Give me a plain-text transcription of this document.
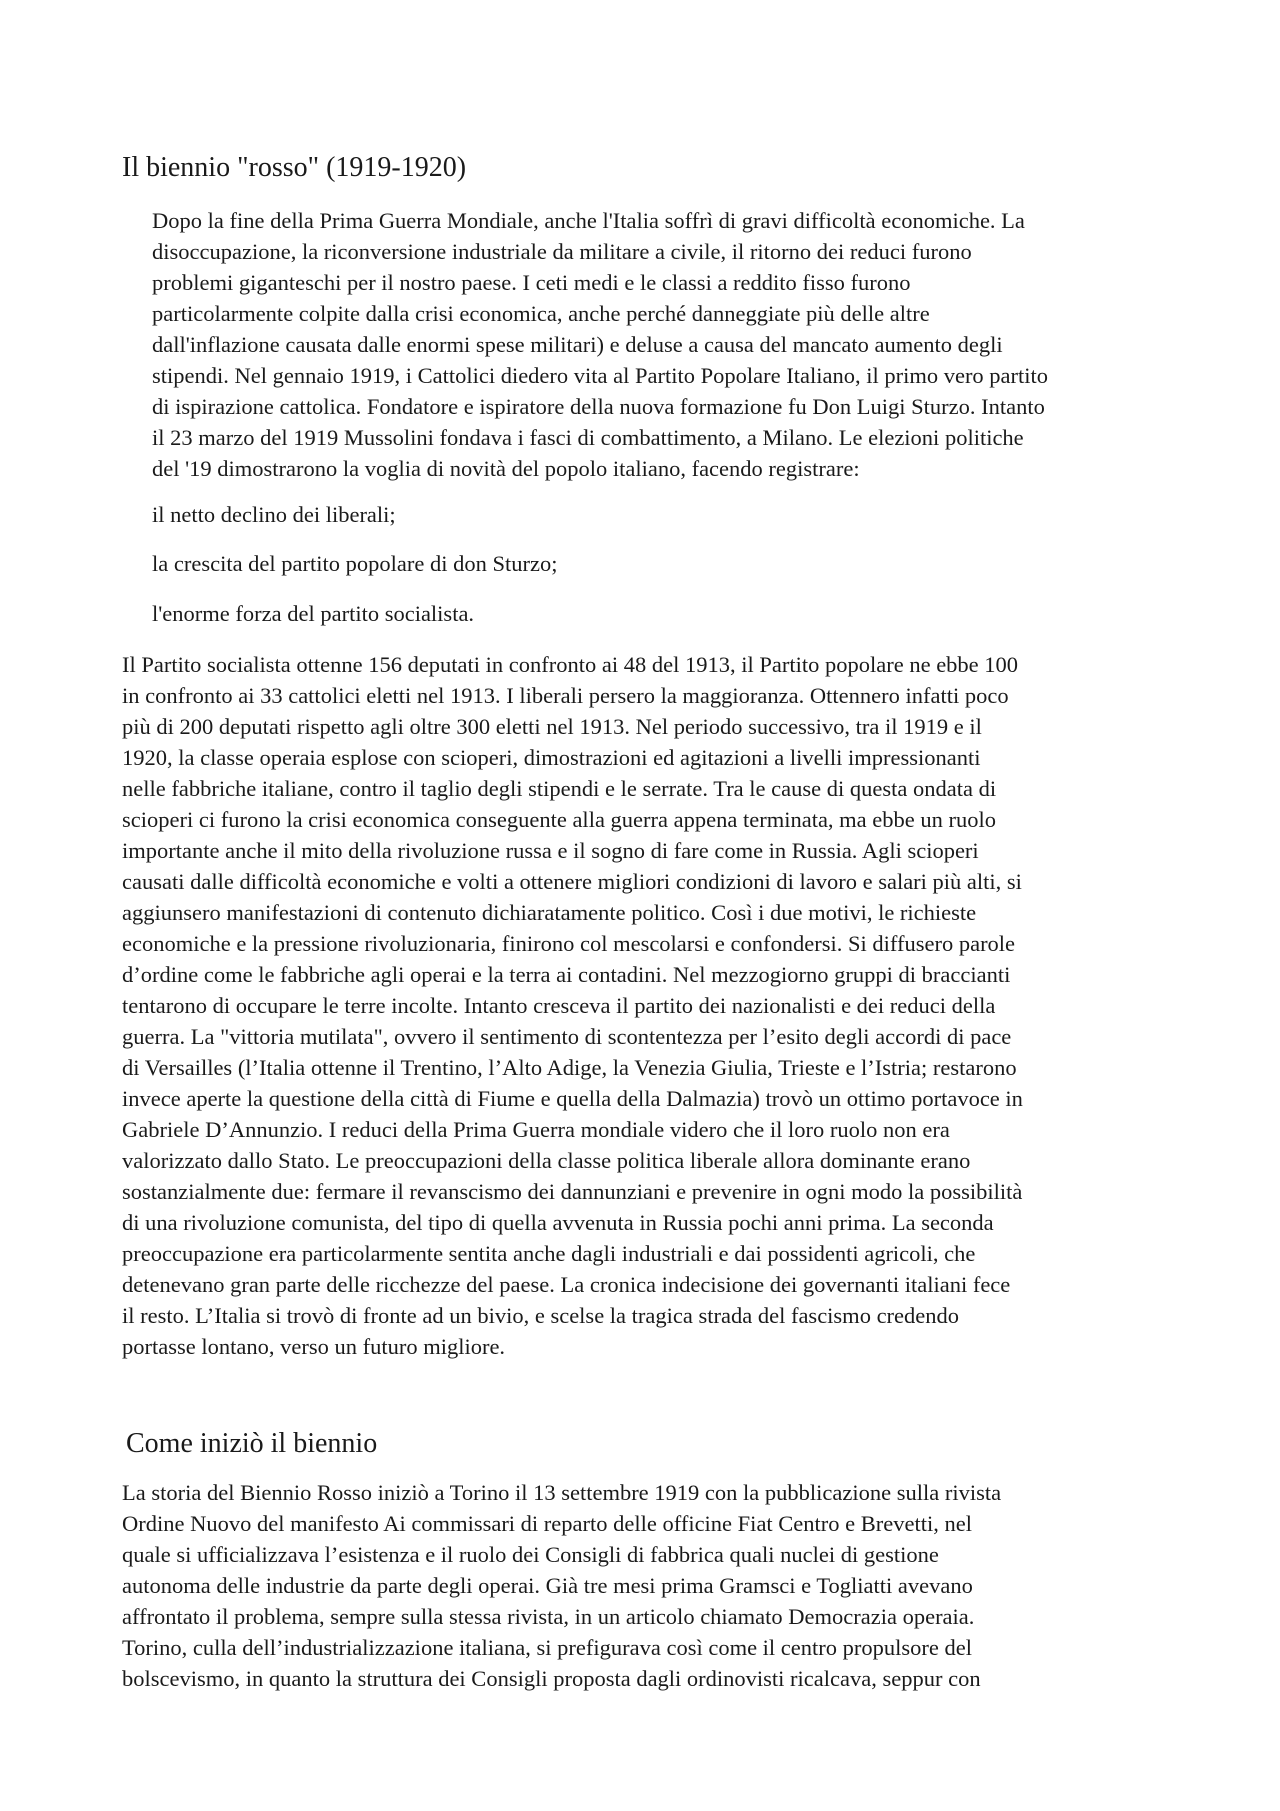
Il biennio "rosso" (1919-1920)

Dopo la fine della Prima Guerra Mondiale, anche l'Italia soffrì di gravi difficoltà economiche. La
disoccupazione, la riconversione industriale da militare a civile, il ritorno dei reduci furono
problemi giganteschi per il nostro paese. I ceti medi e le classi a reddito fisso furono
particolarmente colpite dalla crisi economica, anche perché danneggiate più delle altre
dall'inflazione causata dalle enormi spese militari) e deluse a causa del mancato aumento degli
stipendi. Nel gennaio 1919, i Cattolici diedero vita al Partito Popolare Italiano, il primo vero partito
di ispirazione cattolica. Fondatore e ispiratore della nuova formazione fu Don Luigi Sturzo. Intanto
il 23 marzo del 1919 Mussolini fondava i fasci di combattimento, a Milano. Le elezioni politiche
del '19 dimostrarono la voglia di novità del popolo italiano, facendo registrare:

il netto declino dei liberali;

la crescita del partito popolare di don Sturzo;

l'enorme forza del partito socialista.

Il Partito socialista ottenne 156 deputati in confronto ai 48 del 1913, il Partito popolare ne ebbe 100
in confronto ai 33 cattolici eletti nel 1913. I liberali persero la maggioranza. Ottennero infatti poco
più di 200 deputati rispetto agli oltre 300 eletti nel 1913. Nel periodo successivo, tra il 1919 e il
1920, la classe operaia esplose con scioperi, dimostrazioni ed agitazioni a livelli impressionanti
nelle fabbriche italiane, contro il taglio degli stipendi e le serrate. Tra le cause di questa ondata di
scioperi ci furono la crisi economica conseguente alla guerra appena terminata, ma ebbe un ruolo
importante anche il mito della rivoluzione russa e il sogno di fare come in Russia. Agli scioperi
causati dalle difficoltà economiche e volti a ottenere migliori condizioni di lavoro e salari più alti, si
aggiunsero manifestazioni di contenuto dichiaratamente politico. Così i due motivi, le richieste
economiche e la pressione rivoluzionaria, finirono col mescolarsi e confondersi. Si diffusero parole
d’ordine come le fabbriche agli operai e la terra ai contadini. Nel mezzogiorno gruppi di braccianti
tentarono di occupare le terre incolte. Intanto cresceva il partito dei nazionalisti e dei reduci della
guerra. La "vittoria mutilata", ovvero il sentimento di scontentezza per l’esito degli accordi di pace
di Versailles (l’Italia ottenne il Trentino, l’Alto Adige, la Venezia Giulia, Trieste e l’Istria; restarono
invece aperte la questione della città di Fiume e quella della Dalmazia) trovò un ottimo portavoce in
Gabriele D’Annunzio. I reduci della Prima Guerra mondiale videro che il loro ruolo non era
valorizzato dallo Stato. Le preoccupazioni della classe politica liberale allora dominante erano
sostanzialmente due: fermare il revanscismo dei dannunziani e prevenire in ogni modo la possibilità
di una rivoluzione comunista, del tipo di quella avvenuta in Russia pochi anni prima. La seconda
preoccupazione era particolarmente sentita anche dagli industriali e dai possidenti agricoli, che
detenevano gran parte delle ricchezze del paese. La cronica indecisione dei governanti italiani fece
il resto. L’Italia si trovò di fronte ad un bivio, e scelse la tragica strada del fascismo credendo
portasse lontano, verso un futuro migliore.

Come iniziò il biennio

La storia del Biennio Rosso iniziò a Torino il 13 settembre 1919 con la pubblicazione sulla rivista
Ordine Nuovo del manifesto Ai commissari di reparto delle officine Fiat Centro e Brevetti, nel
quale si ufficializzava l’esistenza e il ruolo dei Consigli di fabbrica quali nuclei di gestione
autonoma delle industrie da parte degli operai. Già tre mesi prima Gramsci e Togliatti avevano
affrontato il problema, sempre sulla stessa rivista, in un articolo chiamato Democrazia operaia.
Torino, culla dell’industrializzazione italiana, si prefigurava così come il centro propulsore del
bolscevismo, in quanto la struttura dei Consigli proposta dagli ordinovisti ricalcava, seppur con
